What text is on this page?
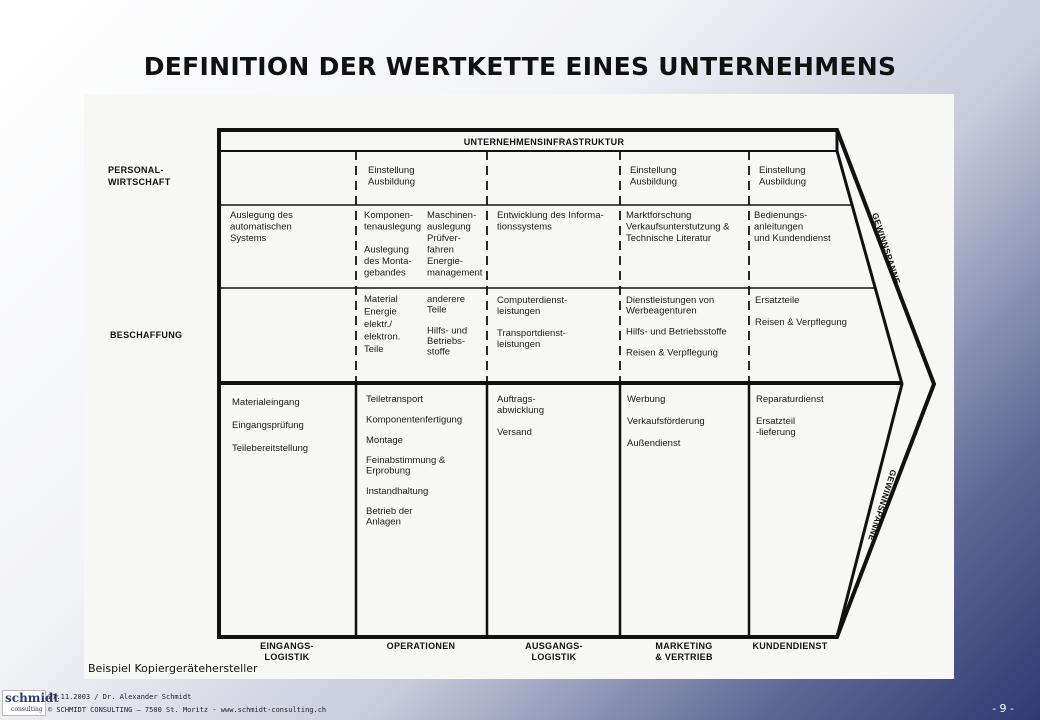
DEFINITION DER WERTKETTE EINES UNTERNEHMENS
UNTERNEHMENSINFRASTRUKTUR
PERSONAL-
WIRTSCHAFT
BESCHAFFUNG
GEWINNSPANNE
GEWINNSPANNE
Einstellung Ausbildung
Einstellung Ausbildung
Einstellung Ausbildung
Auslegung des automatischen Systems
Komponen-tenauslegung Auslegung des Monta-gebandes
Maschinen-auslegung Prüfver-fahren Energie-management
Entwicklung des Informa-tionssystems
Marktforschung Verkaufsunterstutzung & Technische Literatur
Bedienungs-anleitungen und Kundendienst
Material Energie elektr./ elektron. Teile
anderere Teile Hilfs- und Betriebs-stoffe
Computerdienst-leistungen Transportdienst-leistungen
Dienstleistungen von Werbeagenturen Hilfs- und Betriebsstoffe Reisen & Verpflegung
Ersatzteile Reisen & Verpflegung
Materialeingang Eingangsprüfung Teilebereitstellung
Teiletransport Komponentenfertigung Montage Feinabstimmung & Erprobung Instandhaltung Betrieb der Anlagen
Auftrags-abwicklung Versand
Werbung Verkaufsförderung Außendienst
Reparaturdienst Ersatzteil -lieferung
EINGANGS-LOGISTIK
OPERATIONEN	AUSGANGS-LOGISTIK
MARKETING & VERTRIEB
KUNDENDIENST
Beispiel Kopiergerätehersteller
schmidt
consulting
27.11.2003 / Dr. Alexander Schmidt
© SCHMIDT CONSULTING – 7500 St. Moritz - www.schmidt-consulting.ch	- 9 -
